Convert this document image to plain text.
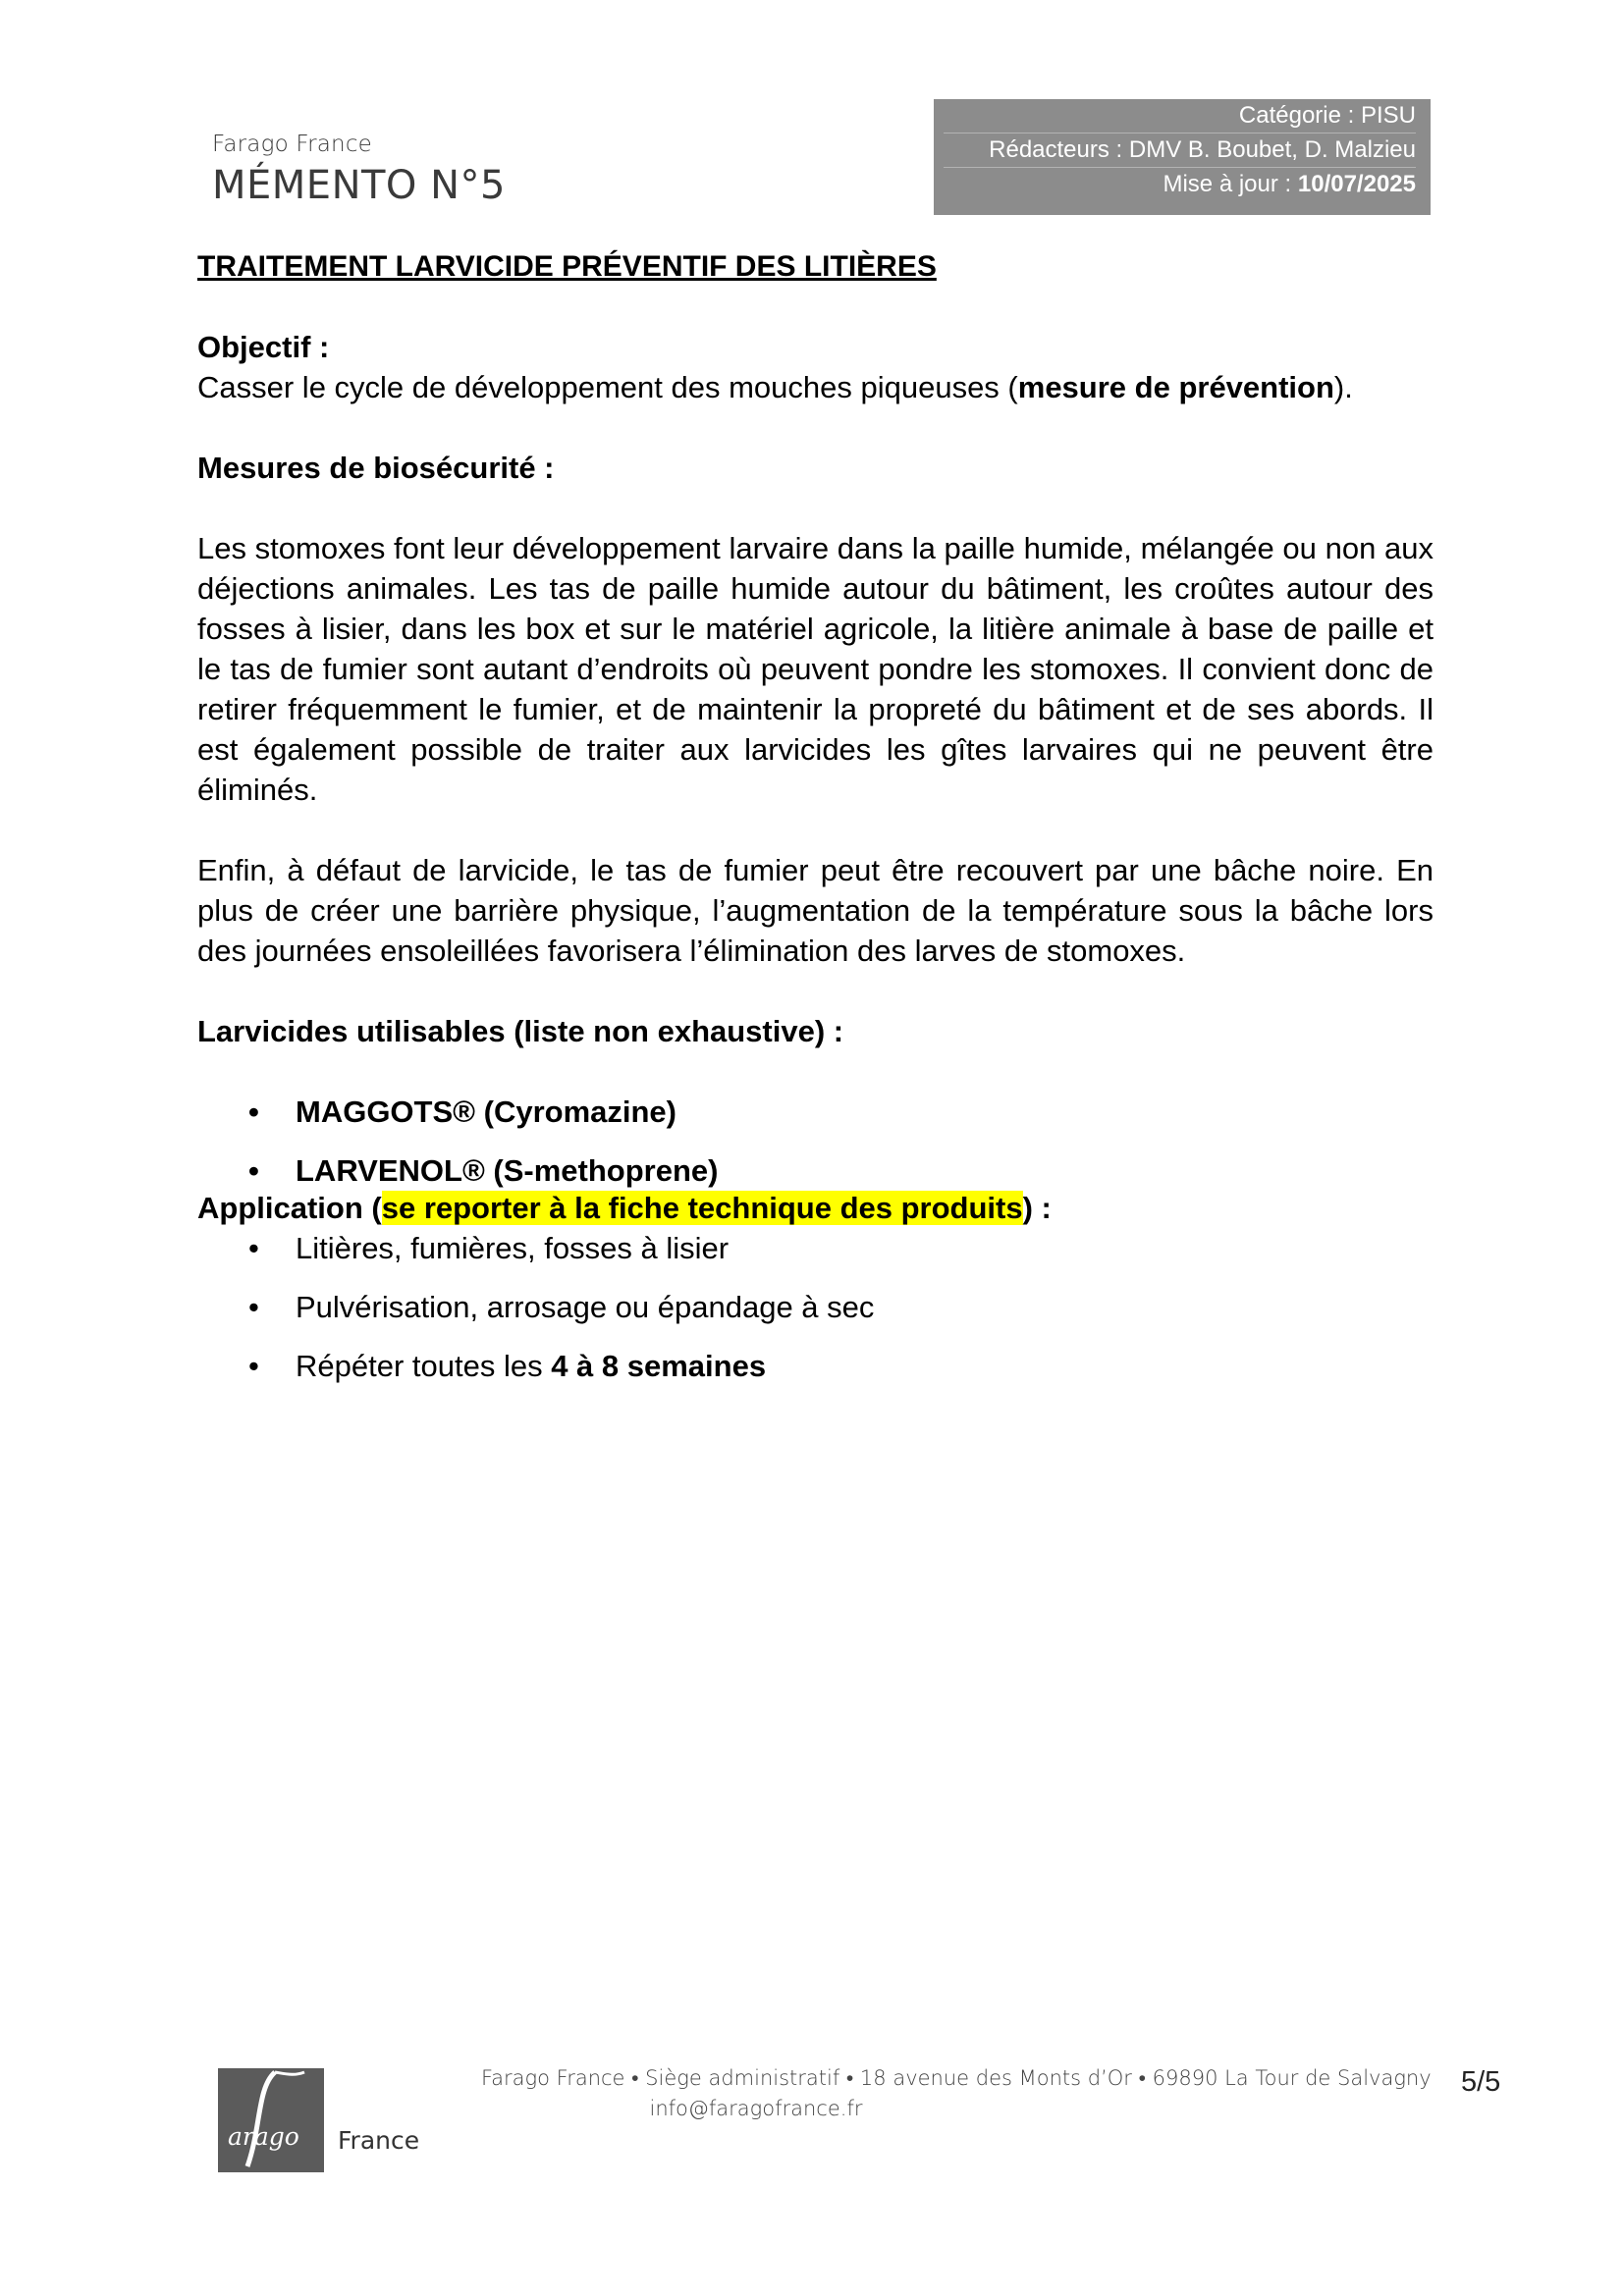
Farago France
MÉMENTO N°5
Catégorie : PISU
Rédacteurs : DMV B. Boubet, D. Malzieu
Mise à jour : 10/07/2025
TRAITEMENT LARVICIDE PRÉVENTIF DES LITIÈRES
Objectif :
Casser le cycle de développement des mouches piqueuses (mesure de prévention).
Mesures de biosécurité :
Les stomoxes font leur développement larvaire dans la paille humide, mélangée ou non aux déjections animales. Les tas de paille humide autour du bâtiment, les croûtes autour des fosses à lisier, dans les box et sur le matériel agricole, la litière animale à base de paille et le tas de fumier sont autant d’endroits où peuvent pondre les stomoxes. Il convient donc de retirer fréquemment le fumier, et de maintenir la propreté du bâtiment et de ses abords. Il est également possible de traiter aux larvicides les gîtes larvaires qui ne peuvent être éliminés.
Enfin, à défaut de larvicide, le tas de fumier peut être recouvert par une bâche noire. En plus de créer une barrière physique, l’augmentation de la température sous la bâche lors des journées ensoleillées favorisera l’élimination des larves de stomoxes.
Larvicides utilisables (liste non exhaustive) :
• MAGGOTS® (Cyromazine)
• LARVENOL® (S-methoprene)
Application (se reporter à la fiche technique des produits) :
• Litières, fumières, fosses à lisier
• Pulvérisation, arrosage ou épandage à sec
• Répéter toutes les 4 à 8 semaines
arago France
Farago France • Siège administratif • 18 avenue des Monts d’Or • 69890 La Tour de Salvagny
info@faragofrance.fr
5/5
